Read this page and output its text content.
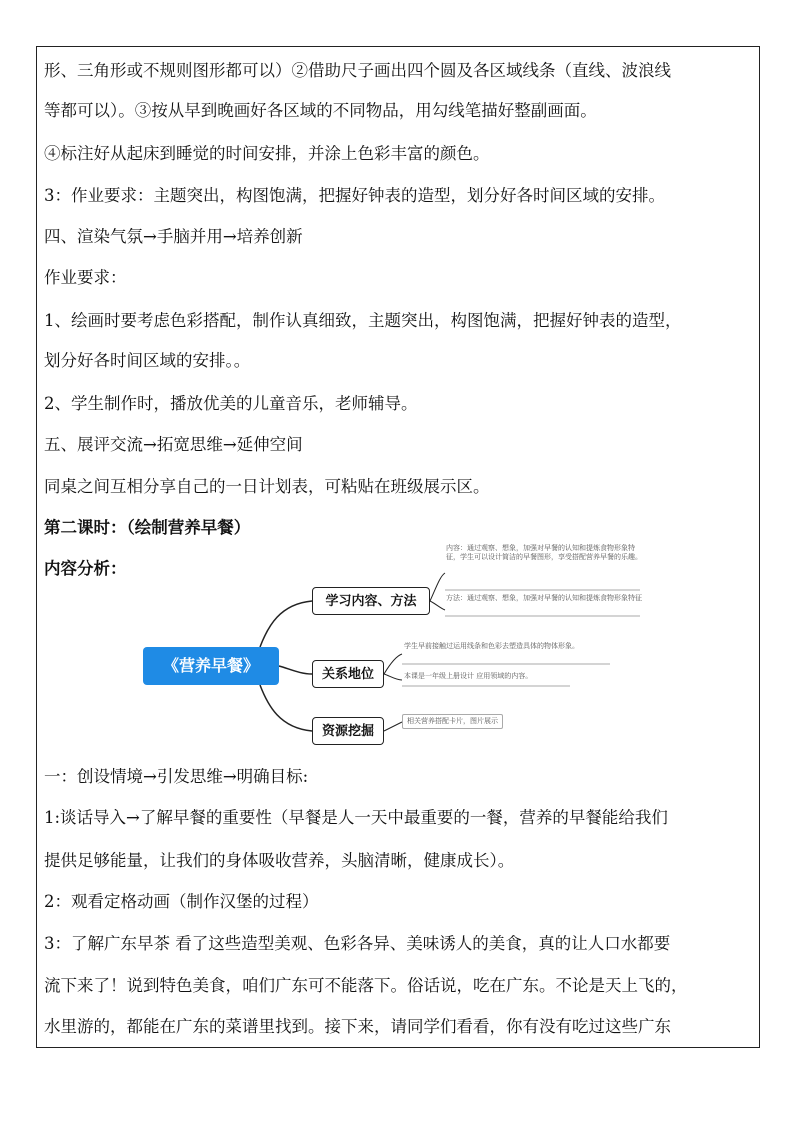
形、三角形或不规则图形都可以）②借助尺子画出四个圆及各区域线条（直线、波浪线
等都可以）。③按从早到晚画好各区域的不同物品，用勾线笔描好整副画面。
④标注好从起床到睡觉的时间安排，并涂上色彩丰富的颜色。
3：作业要求：主题突出，构图饱满，把握好钟表的造型，划分好各时间区域的安排。
四、渲染气氛→手脑并用→培养创新
作业要求：
1、绘画时要考虑色彩搭配，制作认真细致，主题突出，构图饱满，把握好钟表的造型，
划分好各时间区域的安排。。
2、学生制作时，播放优美的儿童音乐，老师辅导。
五、展评交流→拓宽思维→延伸空间
同桌之间互相分享自己的一日计划表，可粘贴在班级展示区。
第二课时：（绘制营养早餐）
内容分析：
《营养早餐》
学习内容、方法
内容：通过观察、想象，加强对早餐的认知和提炼食物形象特征，学生可以设计简洁的早餐图形，享受搭配营养早餐的乐趣。
方法：通过观察、想象，加强对早餐的认知和提炼食物形象特征
关系地位
学生早前接触过运用线条和色彩去塑造具体的物体形象。
本课是一年级上册设计 应用领域的内容。
资源挖掘
相关营养搭配卡片，图片展示
一：创设情境→引发思维→明确目标:
1:谈话导入→了解早餐的重要性（早餐是人一天中最重要的一餐，营养的早餐能给我们
提供足够能量，让我们的身体吸收营养，头脑清晰，健康成长）。
2：观看定格动画（制作汉堡的过程）
3：了解广东早茶 看了这些造型美观、色彩各异、美味诱人的美食，真的让人口水都要
流下来了！说到特色美食，咱们广东可不能落下。俗话说，吃在广东。不论是天上飞的，
水里游的，都能在广东的菜谱里找到。接下来，请同学们看看，你有没有吃过这些广东
